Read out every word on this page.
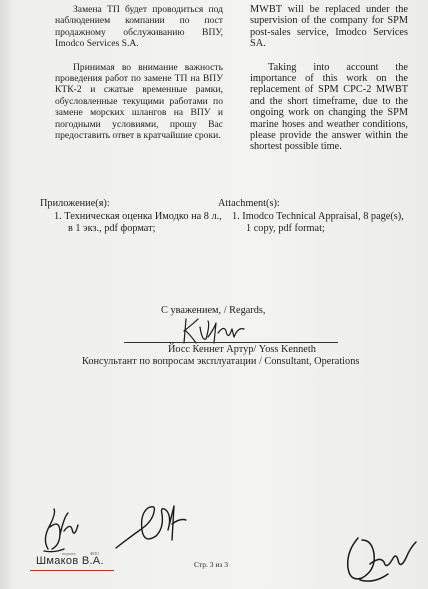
Замена ТП будет проводиться под наблюдением компании по пост продажному обслуживанию ВПУ, Imodco Services S.A.

Принимая во внимание важность проведения работ по замене ТП на ВПУ КТК-2 и сжатые временные рамки, обусловленные текущими работами по замене морских шлангов на ВПУ и погодными условиями, прошу Вас предоставить ответ в кратчайшие сроки.

MWBT will be replaced under the supervision of the company for SPM post-sales service, Imodco Services SA.

Taking into account the importance of this work on the replacement of SPM CPC-2 MWBT and the short timeframe, due to the ongoing work on changing the SPM marine hoses and weather conditions, please provide the answer within the shortest possible time.

Приложение(я):
1. Техническая оценка Имодко на 8 л., в 1 экз., pdf формат;
Attachment(s):
1. Imodco Technical Appraisal, 8 page(s), 1 copy, pdf format;
С уважением, / Regards,
Йосс Кеннет Артур/ Yoss Kenneth
Консультант по вопросам эксплуатации / Consultant, Operations
подпись	ФИО
Шмаков В.А.	Стр. 3 из 3
